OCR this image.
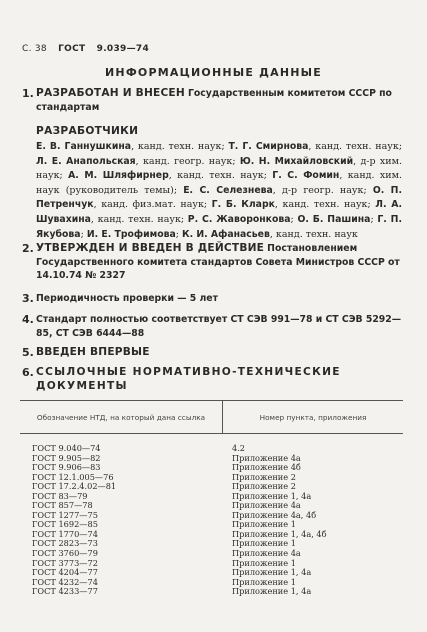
С. 38 ГОСТ 9.039—74
ИНФОРМАЦИОННЫЕ ДАННЫЕ
1. РАЗРАБОТАН И ВНЕСЕН Государственным комитетом СССР по стандартам
РАЗРАБОТЧИКИ
Е. В. Ганнушкина, канд. техн. наук; Т. Г. Смирнова, канд. техн. наук; Л. Е. Анапольская, канд. геогр. наук; Ю. Н. Михайловский, д-р хим. наук; А. М. Шляфирнер, канд. техн. наук; Г. С. Фомин, канд. хим. наук (руководитель темы); Е. С. Селезнева, д-р геогр. наук; О. П. Петренчук, канд. физ.мат. наук; Г. Б. Кларк, канд. техн. наук; Л. А. Шувахина, канд. техн. наук; Р. С. Жаворонкова; О. Б. Пашина; Г. П. Якубова; И. Е. Трофимова; К. И. Афанасьев, канд. техн. наук
2. УТВЕРЖДЕН И ВВЕДЕН В ДЕЙСТВИЕ Постановлением Государственного комитета стандартов Совета Министров СССР от 14.10.74 № 2327
3. Периодичность проверки — 5 лет
4. Стандарт полностью соответствует СТ СЭВ 991—78 и СТ СЭВ 5292—85, СТ СЭВ 6444—88
5. ВВЕДЕН ВПЕРВЫЕ
6. ССЫЛОЧНЫЕ НОРМАТИВНО-ТЕХНИЧЕСКИЕ ДОКУМЕНТЫ
Обозначение НТД, на который дана ссылка	Номер пункта, приложения
ГОСТ 9.040—74	4.2
ГОСТ 9.905—82	Приложение 4а
ГОСТ 9.906—83	Приложение 4б
ГОСТ 12.1.005—76	Приложение 2
ГОСТ 17.2.4.02—81	Приложение 2
ГОСТ 83—79	Приложение 1, 4а
ГОСТ 857—78	Приложение 4а
ГОСТ 1277—75	Приложение 4а, 4б
ГОСТ 1692—85	Приложение 1
ГОСТ 1770—74	Приложение 1, 4а, 4б
ГОСТ 2823—73	Приложение 1
ГОСТ 3760—79	Приложение 4а
ГОСТ 3773—72	Приложение 1
ГОСТ 4204—77	Приложение 1, 4а
ГОСТ 4232—74	Приложение 1
ГОСТ 4233—77	Приложение 1, 4а
